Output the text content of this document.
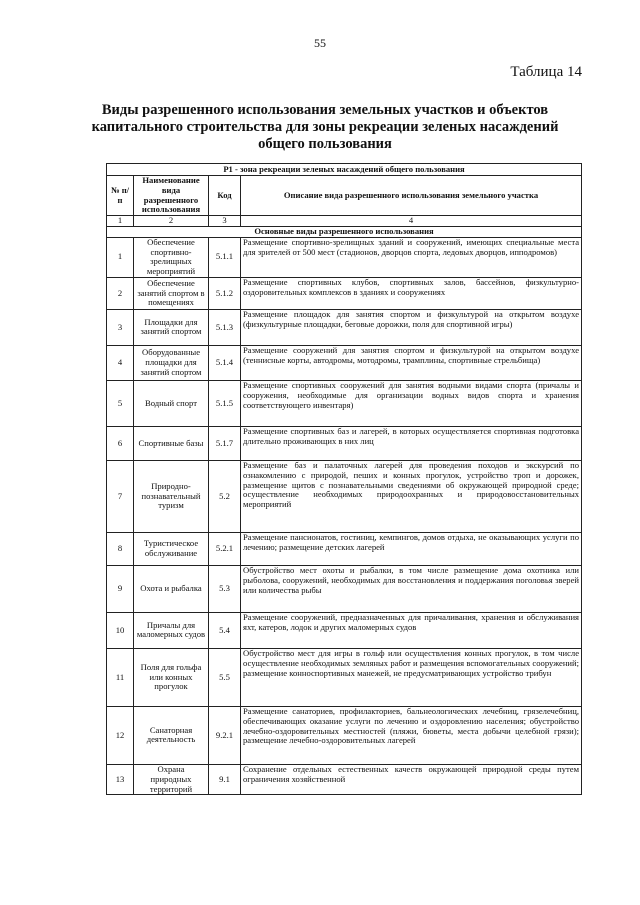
55
Таблица 14
Виды разрешенного использования земельных участков и объектов капитального строительства для зоны рекреации зеленых насаждений общего пользования
Р1 - зона рекреации зеленых насаждений общего пользования			
№ п/п	Наименование вида разрешенного использования	Код	Описание вида разрешенного использования земельного участка
1	2	3	4
Основные виды разрешенного использования			
1	Обеспечение спортивно-зрелищных мероприятий	5.1.1	Размещение спортивно-зрелищных зданий и сооружений, имеющих специальные места для зрителей от 500 мест (стадионов, дворцов спорта, ледовых дворцов, ипподромов)
2	Обеспечение занятий спортом в помещениях	5.1.2	Размещение спортивных клубов, спортивных залов, бассейнов, физкультурно-оздоровительных комплексов в зданиях и сооружениях
3	Площадки для занятий спортом	5.1.3	Размещение площадок для занятия спортом и физкультурой на открытом воздухе (физкультурные площадки, беговые дорожки, поля для спортивной игры)
4	Оборудованные площадки для занятий спортом	5.1.4	Размещение сооружений для занятия спортом и физкультурой на открытом воздухе (теннисные корты, автодромы, мотодромы, трамплины, спортивные стрельбища)
5	Водный спорт	5.1.5	Размещение спортивных сооружений для занятия водными видами спорта (причалы и сооружения, необходимые для организации водных видов спорта и хранения соответствующего инвентаря)
6	Спортивные базы	5.1.7	Размещение спортивных баз и лагерей, в которых осуществляется спортивная подготовка длительно проживающих в них лиц
7	Природно-познавательный туризм	5.2	Размещение баз и палаточных лагерей для проведения походов и экскурсий по ознакомлению с природой, пеших и конных прогулок, устройство троп и дорожек, размещение щитов с познавательными сведениями об окружающей природной среде; осуществление необходимых природоохранных и природовосстановительных мероприятий
8	Туристическое обслуживание	5.2.1	Размещение пансионатов, гостиниц, кемпингов, домов отдыха, не оказывающих услуги по лечению; размещение детских лагерей
9	Охота и рыбалка	5.3	Обустройство мест охоты и рыбалки, в том числе размещение дома охотника или рыболова, сооружений, необходимых для восстановления и поддержания поголовья зверей или количества рыбы
10	Причалы для маломерных судов	5.4	Размещение сооружений, предназначенных для причаливания, хранения и обслуживания яхт, катеров, лодок и других маломерных судов
11	Поля для гольфа или конных прогулок	5.5	Обустройство мест для игры в гольф или осуществления конных прогулок, в том числе осуществление необходимых земляных работ и размещения вспомогательных сооружений; размещение конноспортивных манежей, не предусматривающих устройство трибун
12	Санаторная деятельность	9.2.1	Размещение санаториев, профилакториев, бальнеологических лечебниц, грязелечебниц, обеспечивающих оказание услуги по лечению и оздоровлению населения; обустройство лечебно-оздоровительных местностей (пляжи, бюветы, места добычи целебной грязи); размещение лечебно-оздоровительных лагерей
13	Охрана природных территорий	9.1	Сохранение отдельных естественных качеств окружающей природной среды путем ограничения хозяйственной
